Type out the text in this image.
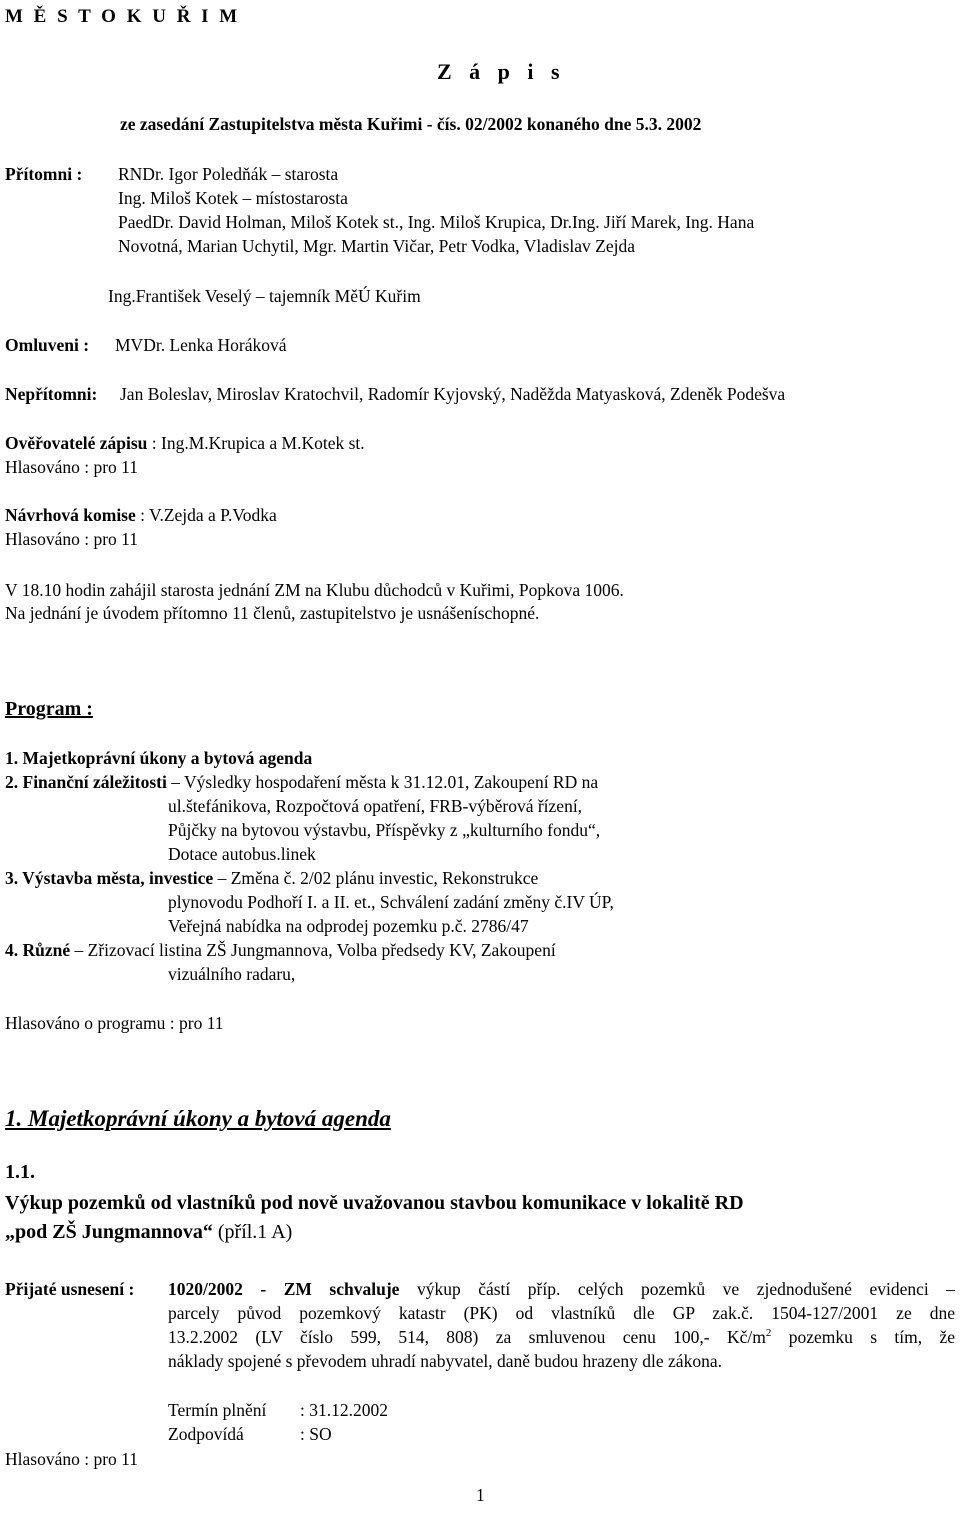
M Ě S T O K U Ř I M
Z á p i s
ze zasedání Zastupitelstva města Kuřimi - čís. 02/2002 konaného dne 5.3. 2002
Přítomni : RNDr. Igor Poledňák – starosta
Ing. Miloš Kotek – místostarosta
PaedDr. David Holman, Miloš Kotek st., Ing. Miloš Krupica, Dr.Ing. Jiří Marek, Ing. Hana
Novotná, Marian Uchytil, Mgr. Martin Vičar, Petr Vodka, Vladislav Zejda
Ing.František Veselý – tajemník MěÚ Kuřim
Omluveni : MVDr. Lenka Horáková
Nepřítomni: Jan Boleslav, Miroslav Kratochvil, Radomír Kyjovský, Naděžda Matyasková, Zdeněk Podešva
Ověřovatelé zápisu : Ing.M.Krupica a M.Kotek st.
Hlasováno : pro 11
Návrhová komise : V.Zejda a P.Vodka
Hlasováno : pro 11
V 18.10 hodin zahájil starosta jednání ZM na Klubu důchodců v Kuřimi, Popkova 1006.
Na jednání je úvodem přítomno 11 členů, zastupitelstvo je usnášeníschopné.
Program :
1. Majetkoprávní úkony a bytová agenda
2. Finanční záležitosti – Výsledky hospodaření města k 31.12.01, Zakoupení RD na
ul.štefánikova, Rozpočtová opatření, FRB-výběrová řízení,
Půjčky na bytovou výstavbu, Příspěvky z „kulturního fondu“,
Dotace autobus.linek
3. Výstavba města, investice – Změna č. 2/02 plánu investic, Rekonstrukce
plynovodu Podhoří I. a II. et., Schválení zadání změny č.IV ÚP,
Veřejná nabídka na odprodej pozemku p.č. 2786/47
4. Různé – Zřizovací listina ZŠ Jungmannova, Volba předsedy KV, Zakoupení
vizuálního radaru,
Hlasováno o programu : pro 11
1. Majetkoprávní úkony a bytová agenda
1.1.
Výkup pozemků od vlastníků pod nově uvažovanou stavbou komunikace v lokalitě RD
„pod ZŠ Jungmannova“ (příl.1 A)
Přijaté usnesení : 1020/2002 - ZM schvaluje výkup částí příp. celých pozemků ve zjednodušené evidenci –
parcely původ pozemkový katastr (PK) od vlastníků dle GP zak.č. 1504-127/2001 ze dne
13.2.2002 (LV číslo 599, 514, 808) za smluvenou cenu 100,- $Kč/m^2$ pozemku s tím, že
náklady spojené s převodem uhradí nabyvatel, daně budou hrazeny dle zákona.
Termín plnění : 31.12.2002
Zodpovídá	: SO
Hlasováno : pro 11
1
